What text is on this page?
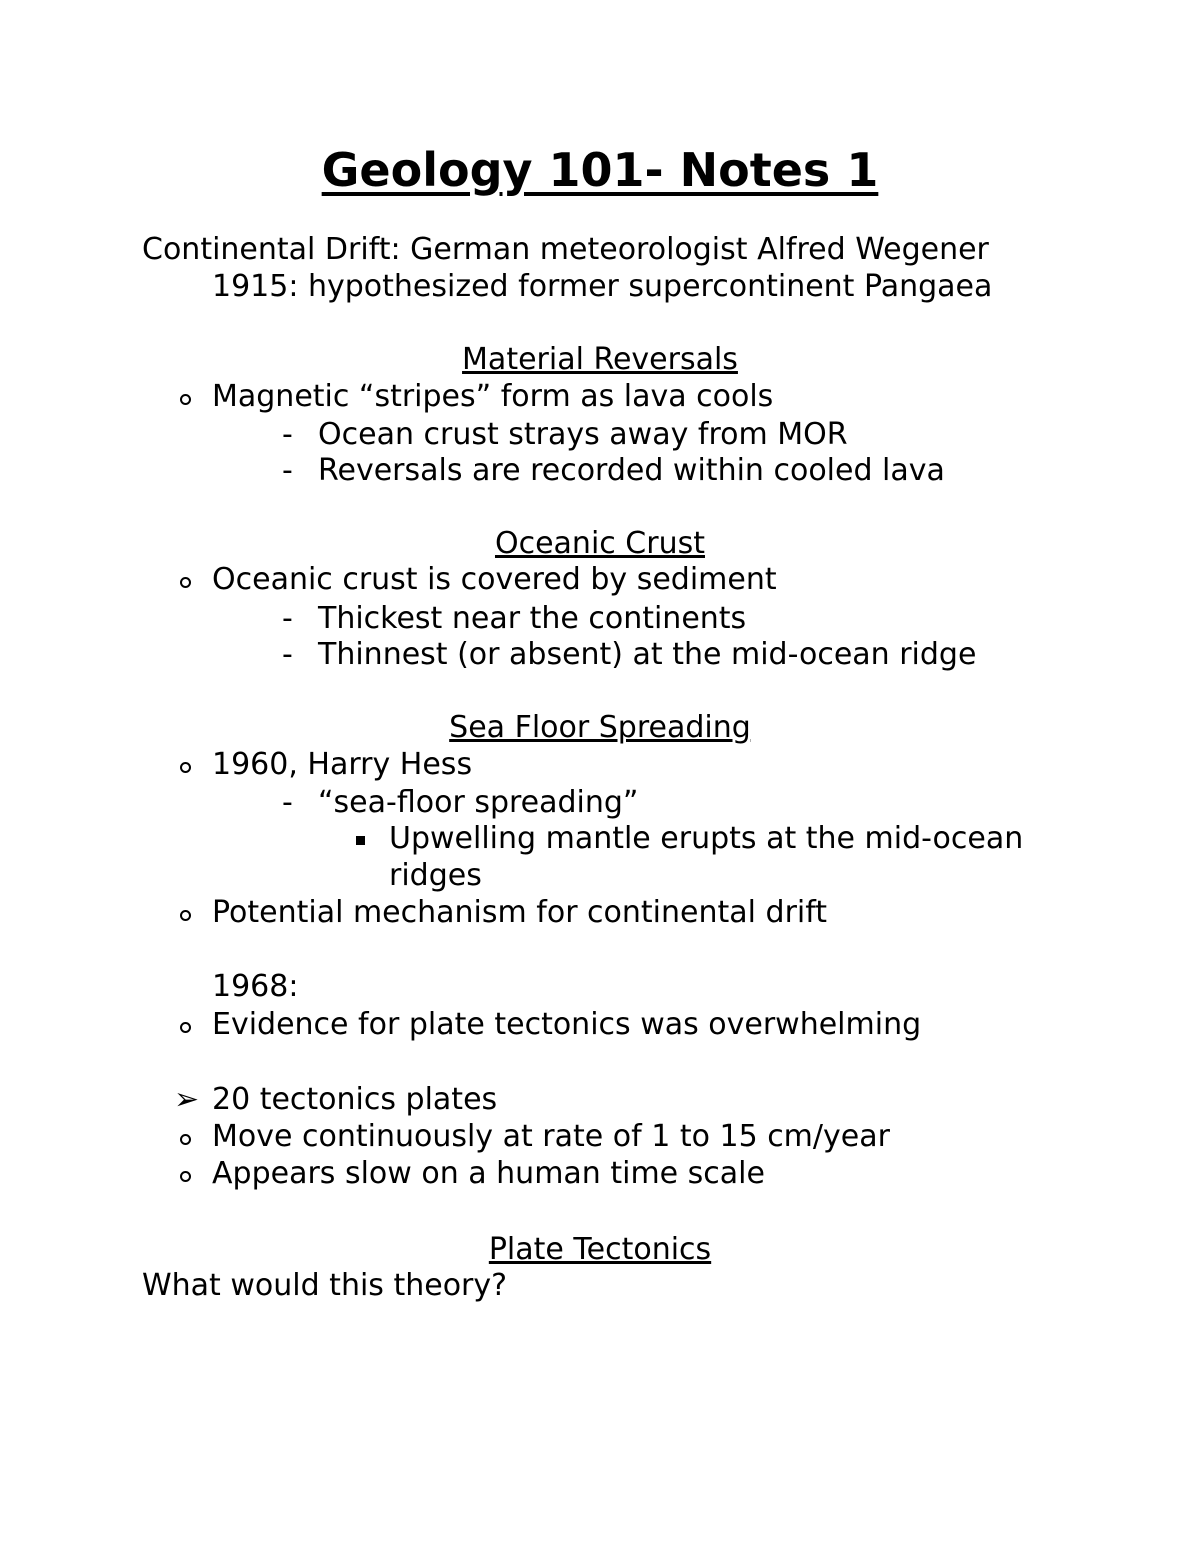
Geology 101- Notes 1
Continental Drift: German meteorologist Alfred Wegener
1915: hypothesized former supercontinent Pangaea
Material Reversals
Magnetic “stripes” form as lava cools
- Ocean crust strays away from MOR
- Reversals are recorded within cooled lava
Oceanic Crust
Oceanic crust is covered by sediment
- Thickest near the continents
- Thinnest (or absent) at the mid-ocean ridge
Sea Floor Spreading
1960, Harry Hess
- “sea-floor spreading”
Upwelling mantle erupts at the mid-ocean
ridges
Potential mechanism for continental drift
1968:
Evidence for plate tectonics was overwhelming
➢ 20 tectonics plates
Move continuously at rate of 1 to 15 cm/year
Appears slow on a human time scale
Plate Tectonics
What would this theory?
